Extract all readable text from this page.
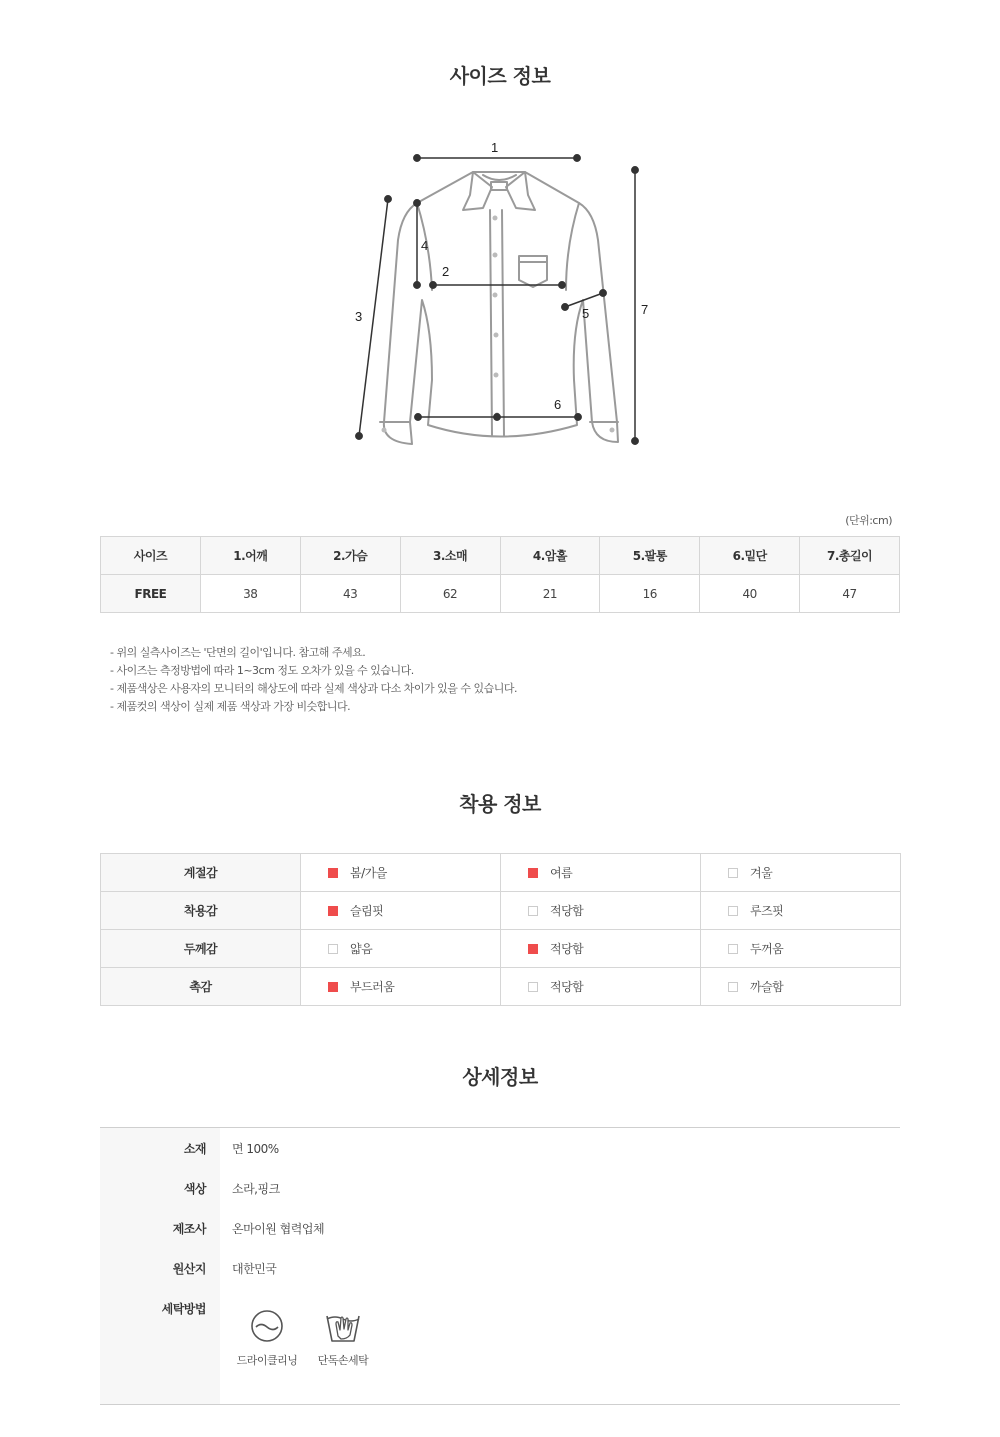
사이즈 정보
1
2
3
4
5
6
7
(단위:cm)
사이즈	1.어깨	2.가슴	3.소매	4.암홀	5.팔통	6.밑단	7.총길이
FREE	38	43	62	21	16	40	47
- 위의 실측사이즈는 '단면의 길이'입니다. 참고해 주세요.
- 사이즈는 측정방법에 따라 1~3cm 정도 오차가 있을 수 있습니다.
- 제품색상은 사용자의 모니터의 해상도에 따라 실제 색상과 다소 차이가 있을 수 있습니다.
- 제품컷의 색상이 실제 제품 색상과 가장 비슷합니다.
착용 정보
계절감	봄/가을	여름	겨울
착용감	슬림핏	적당함	루즈핏
두께감	얇음	적당함	두꺼움
촉감	부드러움	적당함	까슬함
상세정보
소재 면 100%
색상 소라,핑크
제조사 온마이원 협력업체
원산지 대한민국
세탁방법
드라이클리닝	단독손세탁
